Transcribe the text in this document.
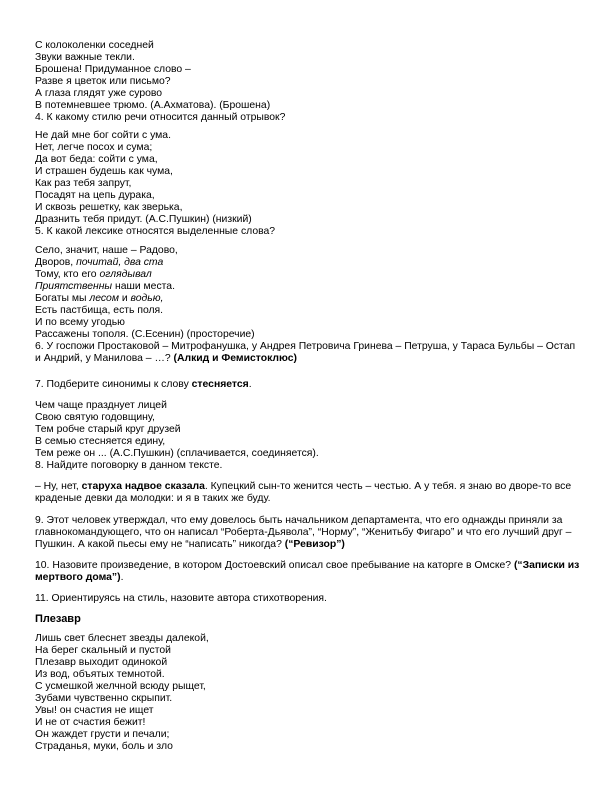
С колоколенки соседней
Звуки важные текли.
Брошена! Придуманное слово –
Разве я цветок или письмо?
А глаза глядят уже сурово
В потемневшее трюмо. (А.Ахматова). (Брошена)
4. К какому стилю речи относится данный отрывок?
Не дай мне бог сойти с ума.
Нет, легче посох и сума;
Да вот беда: сойти с ума,
И страшен будешь как чума,
Как раз тебя запрут,
Посадят на цепь дурака,
И сквозь решетку, как зверька,
Дразнить тебя придут. (А.С.Пушкин) (низкий)
5. К какой лексике относятся выделенные слова?
Село, значит, наше – Радово,
Дворов, почитай, два ста
Тому, кто его оглядывал
Приятственны наши места.
Богаты мы лесом и водью,
Есть пастбища, есть поля.
И по всему угодью
Рассажены тополя. (С.Есенин) (просторечие)
6. У госпожи Простаковой – Митрофанушка, у Андрея Петровича Гринева – Петруша, у Тараса Бульбы – Остап и Андрий, у Манилова – …? (Алкид и Фемистоклюс)
7. Подберите синонимы к слову стесняется.
Чем чаще празднует лицей
Свою святую годовщину,
Тем робче старый круг друзей
В семью стесняется едину,
Тем реже он ... (А.С.Пушкин) (сплачивается, соединяется).
8. Найдите поговорку в данном тексте.
– Ну, нет, старуха надвое сказала. Купецкий сын-то женится честь – честью. А у тебя. я знаю во дворе-то все краденые девки да молодки: и я в таких же буду.
9. Этот человек утверждал, что ему довелось быть начальником департамента, что его однажды приняли за главнокомандующего, что он написал “Роберта-Дьявола”, “Норму”, “Женитьбу Фигаро” и что его лучший друг – Пушкин. А какой пьесы ему не “написать” никогда? (“Ревизор”)
10. Назовите произведение, в котором Достоевский описал свое пребывание на каторге в Омске? (“Записки из мертвого дома”).
11. Ориентируясь на стиль, назовите автора стихотворения.
Плезавр
Лишь свет блеснет звезды далекой,
На берег скальный и пустой
Плезавр выходит одинокой
Из вод, объятых темнотой.
С усмешкой желчной всюду рыщет,
Зубами чувственно скрыпит.
Увы! он счастия не ищет
И не от счастия бежит!
Он жаждет грусти и печали;
Страданья, муки, боль и зло
